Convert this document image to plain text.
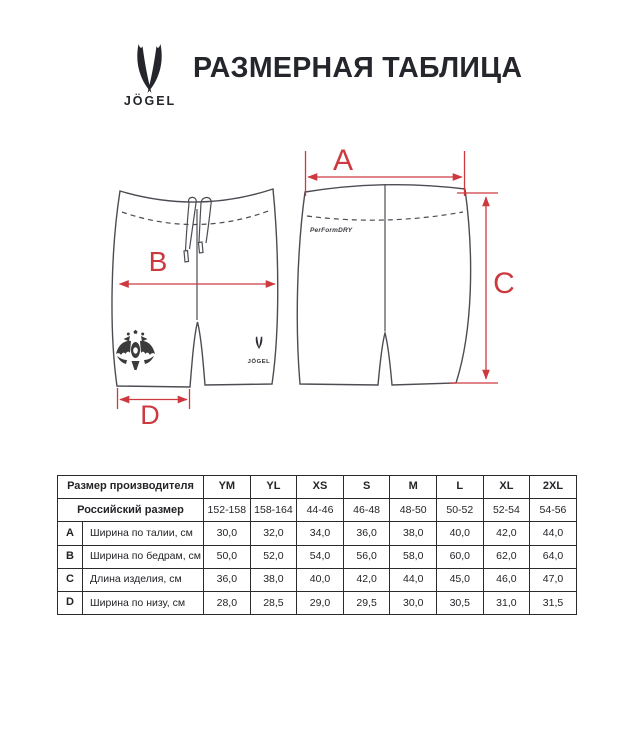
JÖGEL
РАЗМЕРНАЯ ТАБЛИЦА
JÖGEL
PerFormDRY
A
C
B
D
Размер производителя		YM	YL	XS	S	M	L	XL	2XL
Российский размер		152-158	158-164	44-46	46-48	48-50	50-52	52-54	54-56
A	Ширина по талии, см	30,0	32,0	34,0	36,0	38,0	40,0	42,0	44,0
B	Ширина по бедрам, см	50,0	52,0	54,0	56,0	58,0	60,0	62,0	64,0
C	Длина изделия, см	36,0	38,0	40,0	42,0	44,0	45,0	46,0	47,0
D	Ширина по низу, см	28,0	28,5	29,0	29,5	30,0	30,5	31,0	31,5
